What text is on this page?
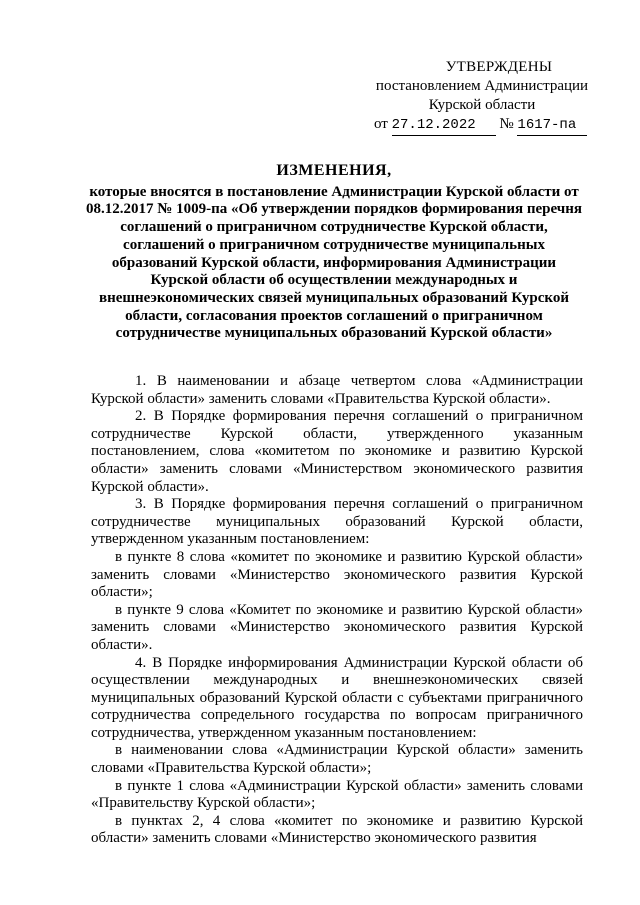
УТВЕРЖДЕНЫ
постановлением Администрации
Курской области
от 27.12.2022 № 1617-па
ИЗМЕНЕНИЯ,
которые вносятся в постановление Администрации Курской области от 08.12.2017 № 1009-па «Об утверждении порядков формирования перечня соглашений о приграничном сотрудничестве Курской области, соглашений о приграничном сотрудничестве муниципальных образований Курской области, информирования Администрации Курской области об осуществлении международных и внешнеэкономических связей муниципальных образований Курской области, согласования проектов соглашений о приграничном сотрудничестве муниципальных образований Курской области»

1. В наименовании и абзаце четвертом слова «Администрации Курской области» заменить словами «Правительства Курской области».

2. В Порядке формирования перечня соглашений о приграничном сотрудничестве Курской области, утвержденного указанным постановлением, слова «комитетом по экономике и развитию Курской области» заменить словами «Министерством экономического развития Курской области».

3. В Порядке формирования перечня соглашений о приграничном сотрудничестве муниципальных образований Курской области, утвержденном указанным постановлением:

в пункте 8 слова «комитет по экономике и развитию Курской области» заменить словами «Министерство экономического развития Курской области»;

в пункте 9 слова «Комитет по экономике и развитию Курской области» заменить словами «Министерство экономического развития Курской области».

4. В Порядке информирования Администрации Курской области об осуществлении международных и внешнеэкономических связей муниципальных образований Курской области с субъектами приграничного сотрудничества сопредельного государства по вопросам приграничного сотрудничества, утвержденном указанным постановлением:

в наименовании слова «Администрации Курской области» заменить словами «Правительства Курской области»;

в пункте 1 слова «Администрации Курской области» заменить словами «Правительству Курской области»;

в пунктах 2, 4 слова «комитет по экономике и развитию Курской области» заменить словами «Министерство экономического развития
